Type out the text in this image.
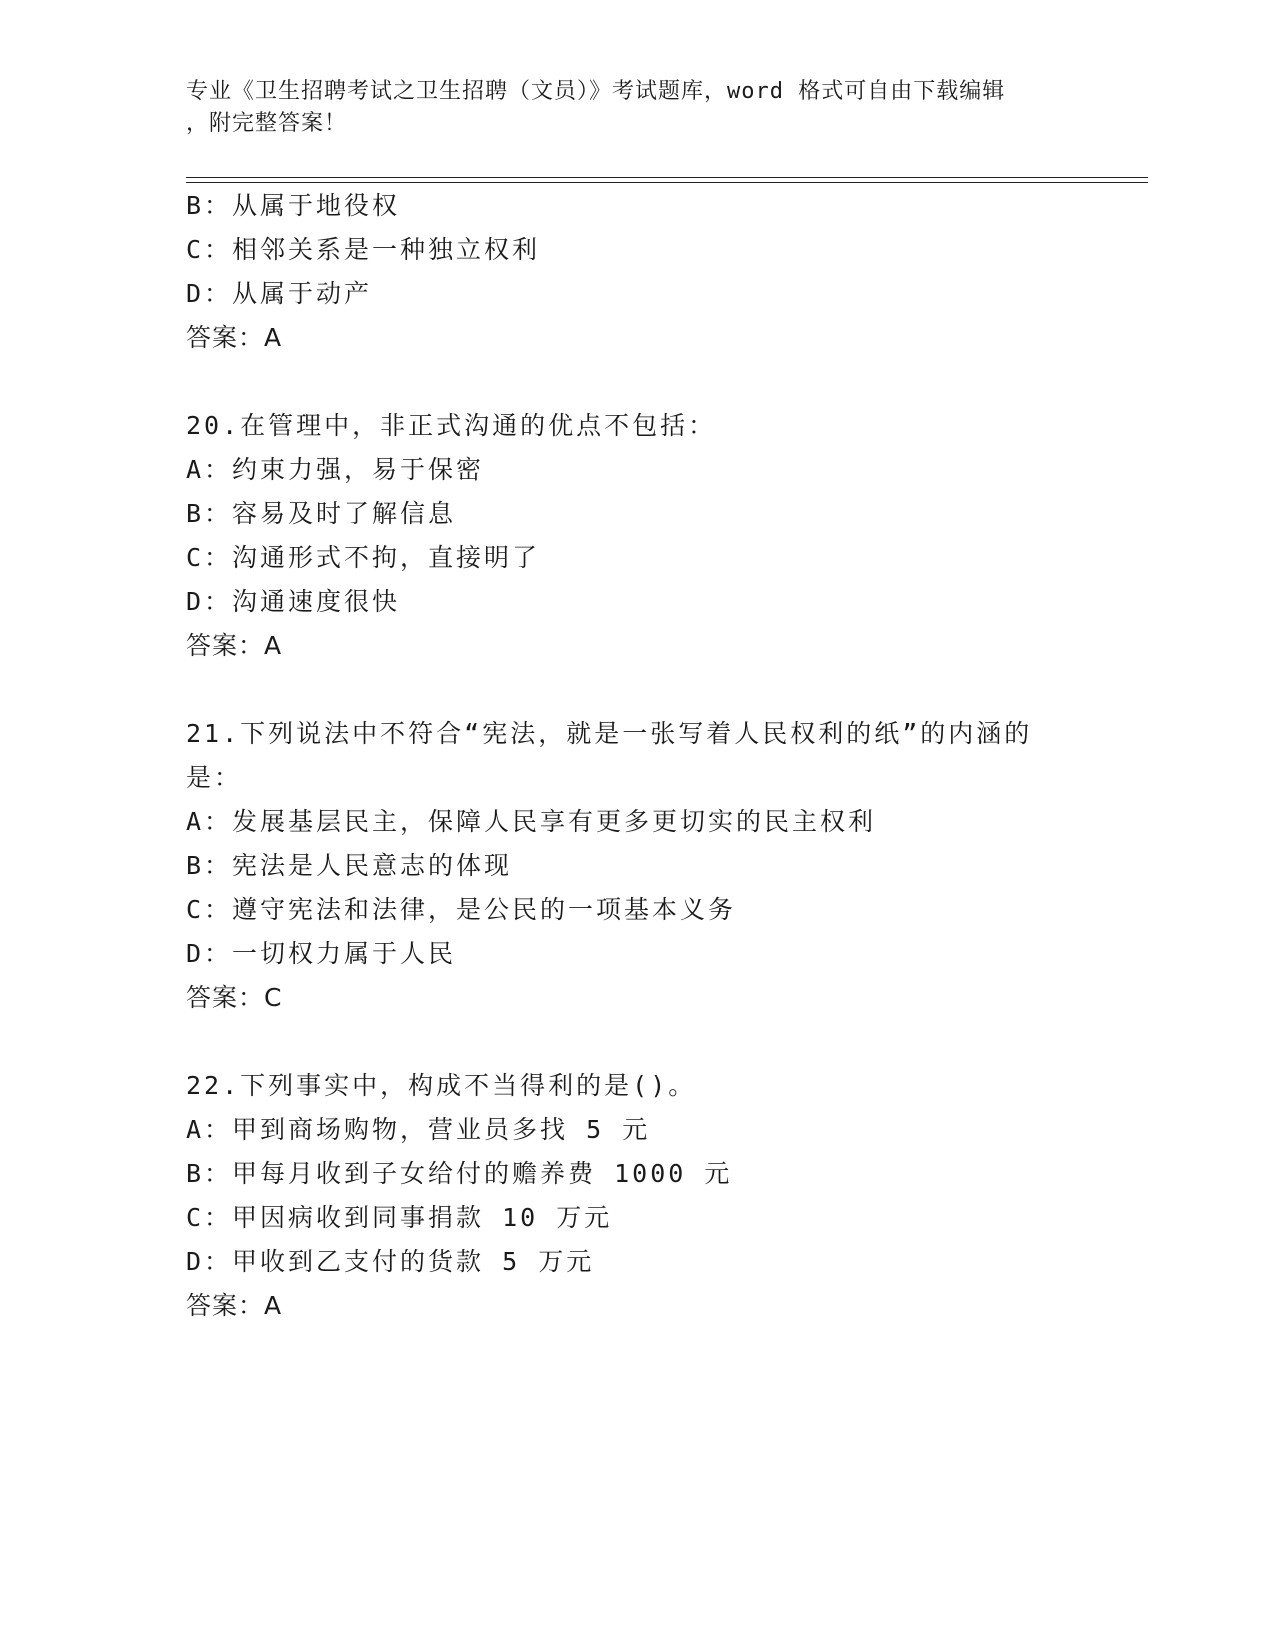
专业《卫生招聘考试之卫生招聘（文员）》考试题库，word 格式可自由下载编辑
，附完整答案！
B：从属于地役权
C：相邻关系是一种独立权利
D：从属于动产
答案：A
20.在管理中，非正式沟通的优点不包括：
A：约束力强，易于保密
B：容易及时了解信息
C：沟通形式不拘，直接明了
D：沟通速度很快
答案：A
21.下列说法中不符合“宪法，就是一张写着人民权利的纸”的内涵的
是：
A：发展基层民主，保障人民享有更多更切实的民主权利
B：宪法是人民意志的体现
C：遵守宪法和法律，是公民的一项基本义务
D：一切权力属于人民
答案：C
22.下列事实中，构成不当得利的是()。
A：甲到商场购物，营业员多找 5 元
B：甲每月收到子女给付的赡养费 1000 元
C：甲因病收到同事捐款 10 万元
D：甲收到乙支付的货款 5 万元
答案：A
